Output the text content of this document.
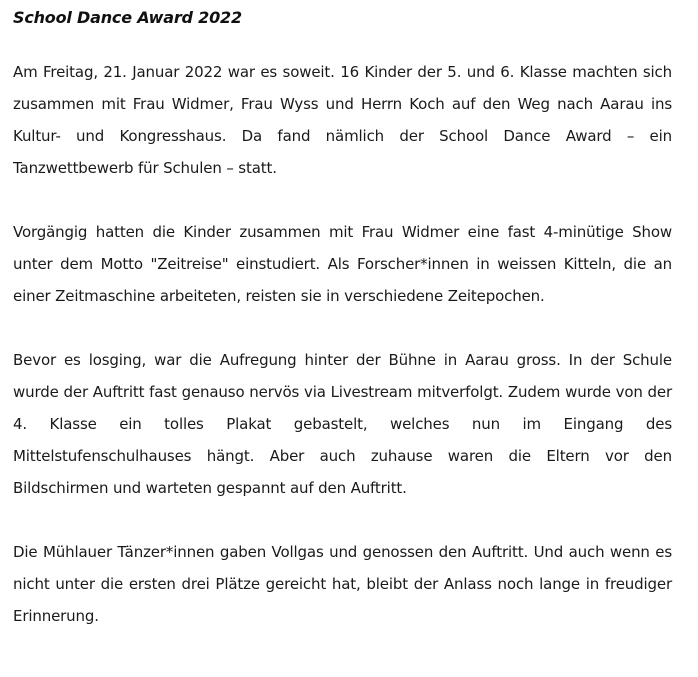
School Dance Award 2022

Am Freitag, 21. Januar 2022 war es soweit. 16 Kinder der 5. und 6. Klasse machten sich zusammen mit Frau Widmer, Frau Wyss und Herrn Koch auf den Weg nach Aarau ins Kultur- und Kongresshaus. Da fand nämlich der School Dance Award – ein Tanzwettbewerb für Schulen – statt.

Vorgängig hatten die Kinder zusammen mit Frau Widmer eine fast 4-minütige Show unter dem Motto "Zeitreise" einstudiert. Als Forscher*innen in weissen Kitteln, die an einer Zeitmaschine arbeiteten, reisten sie in verschiedene Zeitepochen.

Bevor es losging, war die Aufregung hinter der Bühne in Aarau gross. In der Schule wurde der Auftritt fast genauso nervös via Livestream mitverfolgt. Zudem wurde von der 4. Klasse ein tolles Plakat gebastelt, welches nun im Eingang des Mittelstufenschulhauses hängt. Aber auch zuhause waren die Eltern vor den Bildschirmen und warteten gespannt auf den Auftritt.

Die Mühlauer Tänzer*innen gaben Vollgas und genossen den Auftritt. Und auch wenn es nicht unter die ersten drei Plätze gereicht hat, bleibt der Anlass noch lange in freudiger Erinnerung.
